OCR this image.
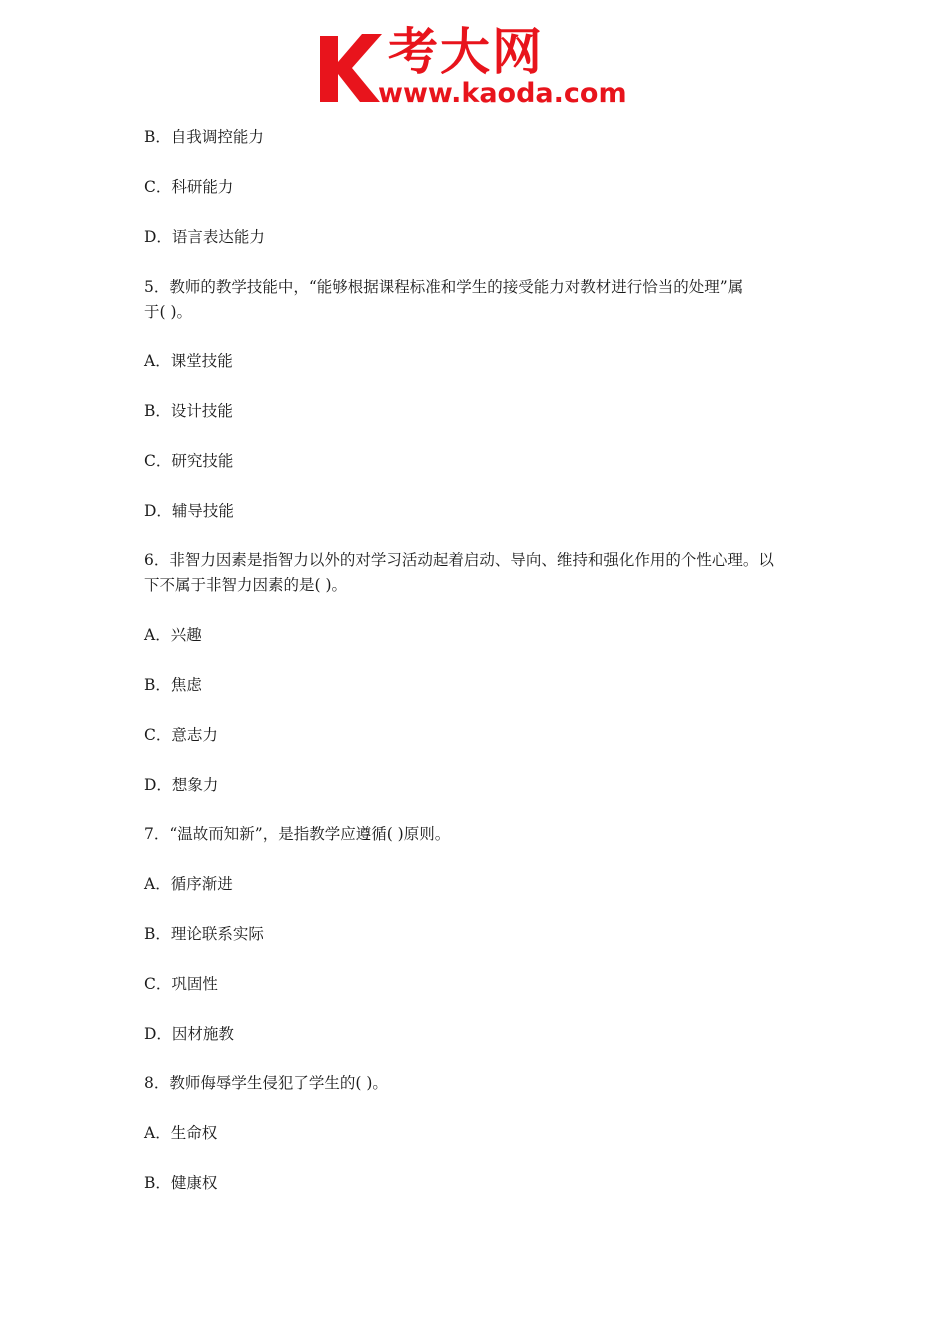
考大网
www.kaoda.com
B．自我调控能力
C．科研能力
D．语言表达能力
5．教师的教学技能中，“能够根据课程标准和学生的接受能力对教材进行恰当的处理”属
于( )。
A．课堂技能
B．设计技能
C．研究技能
D．辅导技能
6．非智力因素是指智力以外的对学习活动起着启动、导向、维持和强化作用的个性心理。以
下不属于非智力因素的是( )。
A．兴趣
B．焦虑
C．意志力
D．想象力
7．“温故而知新”，是指教学应遵循( )原则。
A．循序渐进
B．理论联系实际
C．巩固性
D．因材施教
8．教师侮辱学生侵犯了学生的( )。
A．生命权
B．健康权
